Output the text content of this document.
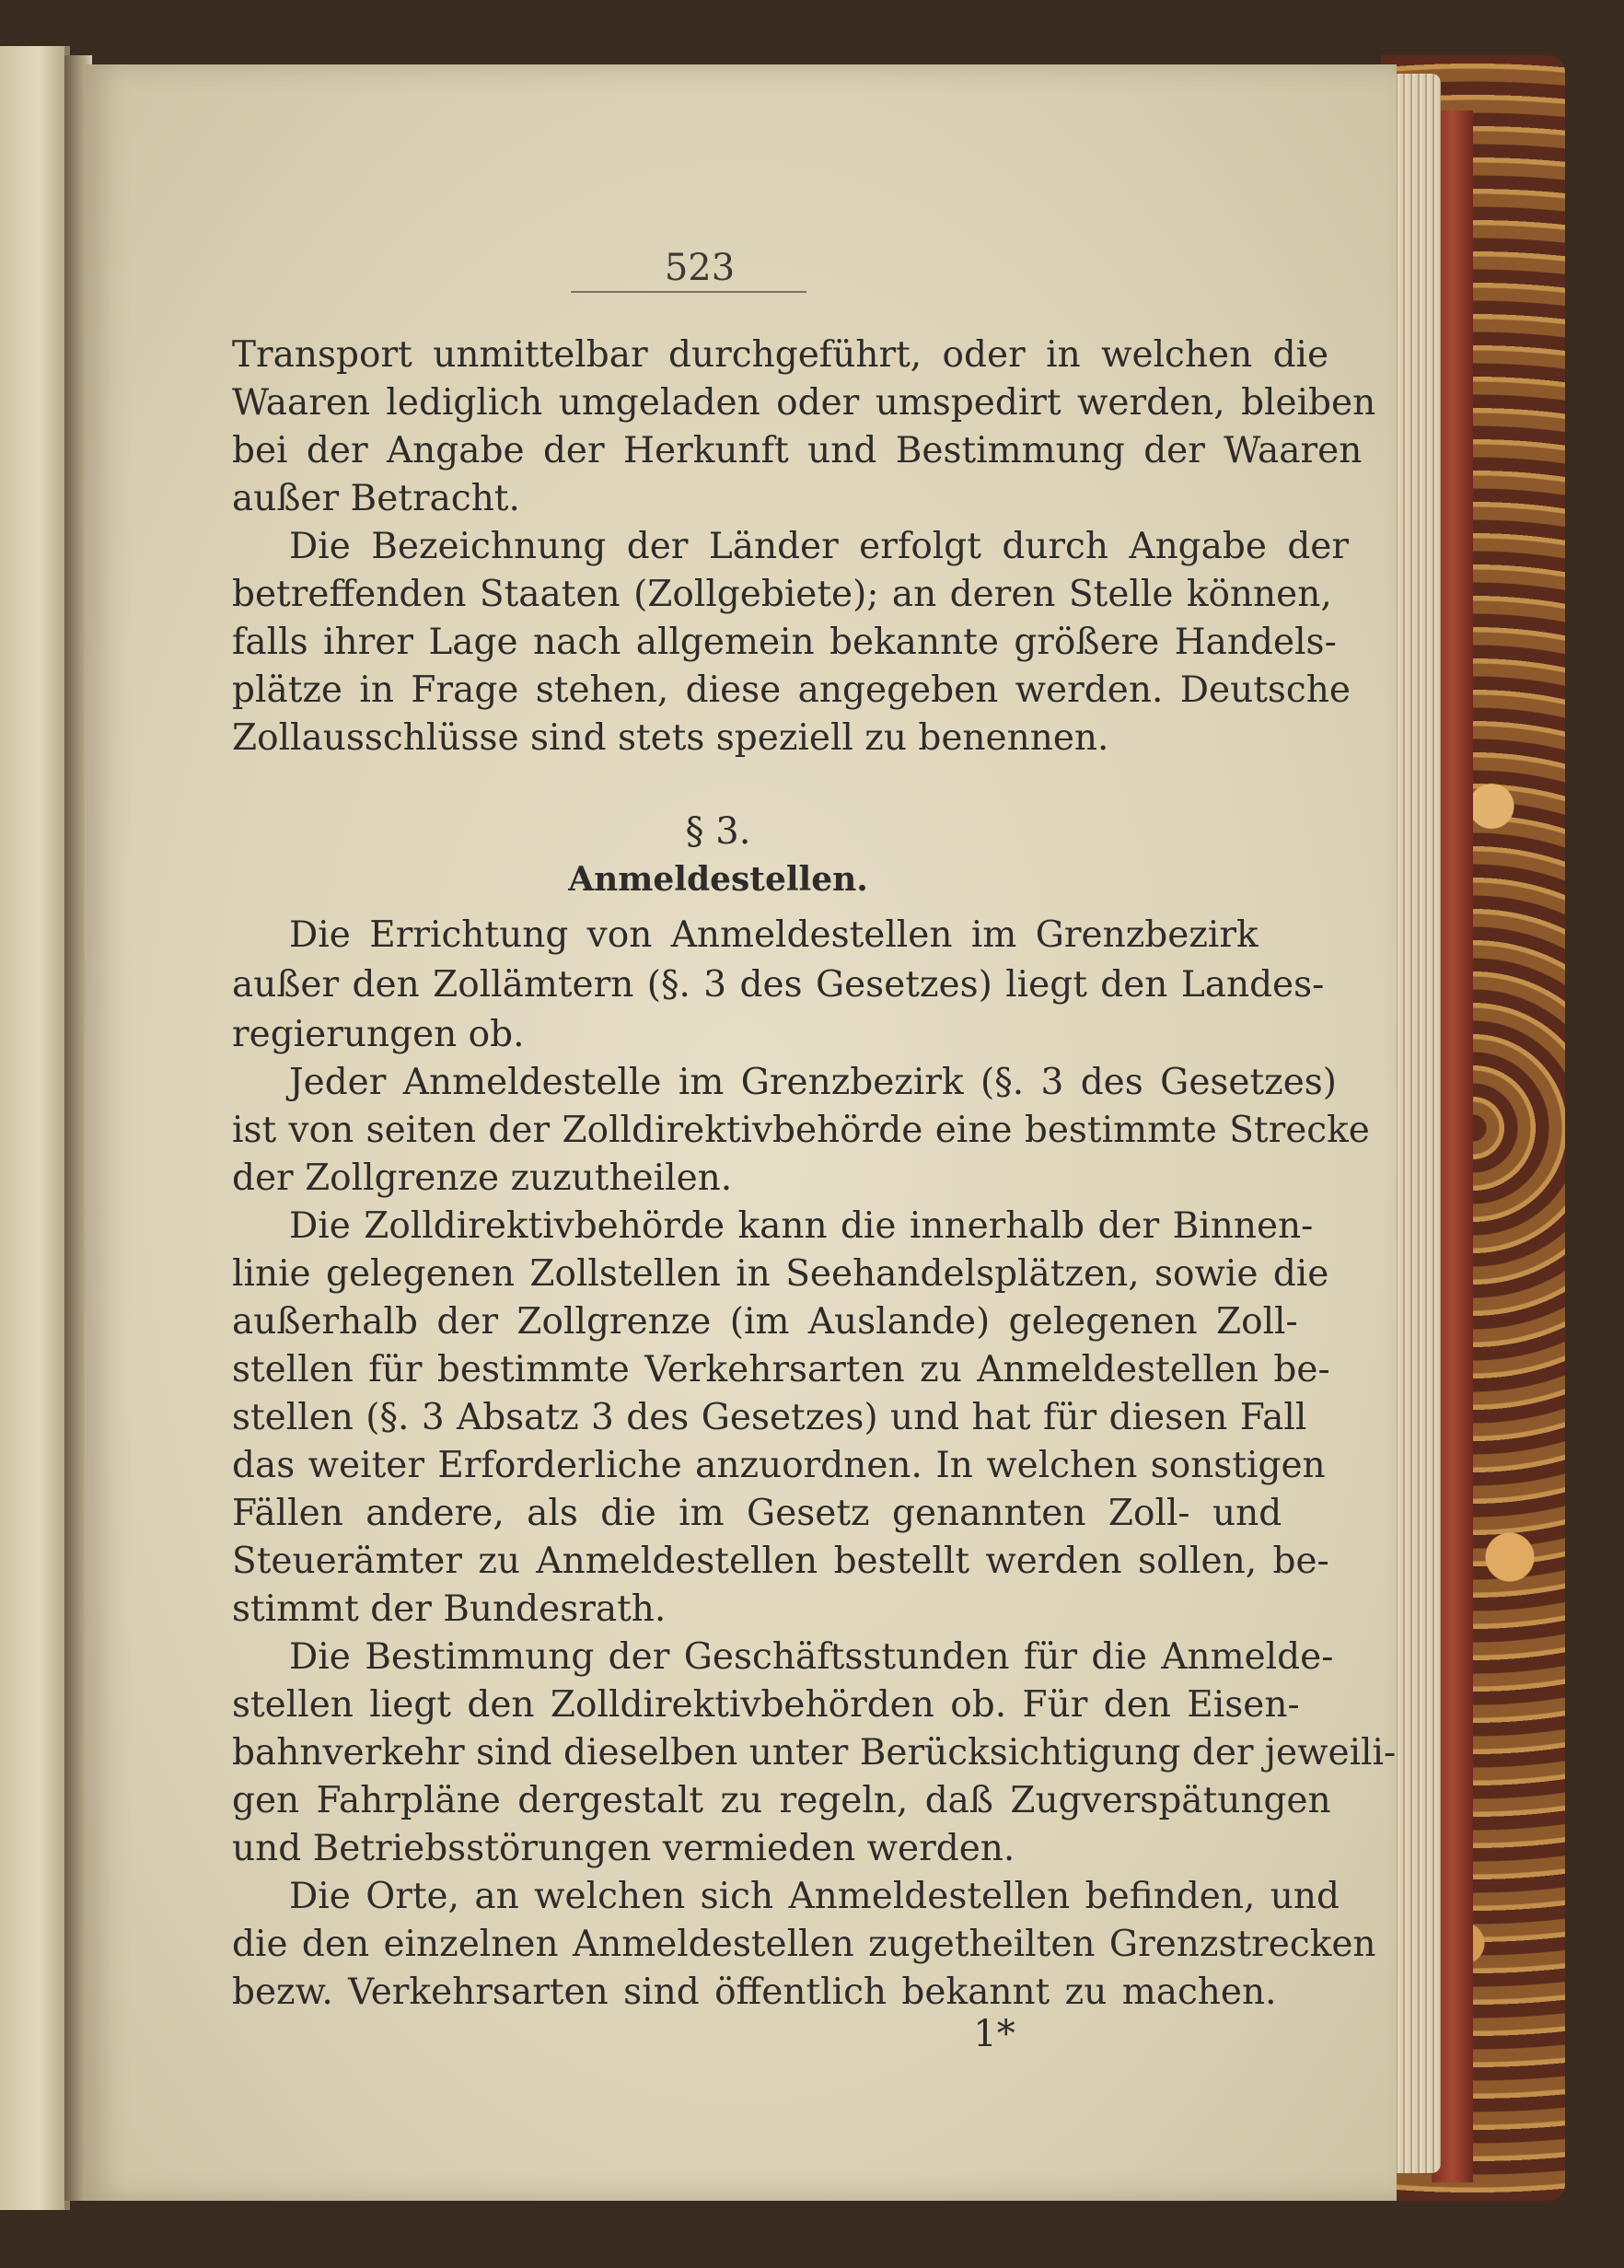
523
Transport unmittelbar durchgeführt, oder in welchen die
Waaren lediglich umgeladen oder umspedirt werden, bleiben
bei der Angabe der Herkunft und Bestimmung der Waaren
außer Betracht.
Die Bezeichnung der Länder erfolgt durch Angabe der
betreffenden Staaten (Zollgebiete); an deren Stelle können,
falls ihrer Lage nach allgemein bekannte größere Handels-
plätze in Frage stehen, diese angegeben werden. Deutsche
Zollausschlüsse sind stets speziell zu benennen.
§ 3.
Anmeldestellen.
Die Errichtung von Anmeldestellen im Grenzbezirk
außer den Zollämtern (§. 3 des Gesetzes) liegt den Landes-
regierungen ob.
Jeder Anmeldestelle im Grenzbezirk (§. 3 des Gesetzes)
ist von seiten der Zolldirektivbehörde eine bestimmte Strecke
der Zollgrenze zuzutheilen.
Die Zolldirektivbehörde kann die innerhalb der Binnen-
linie gelegenen Zollstellen in Seehandelsplätzen, sowie die
außerhalb der Zollgrenze (im Auslande) gelegenen Zoll-
stellen für bestimmte Verkehrsarten zu Anmeldestellen be-
stellen (§. 3 Absatz 3 des Gesetzes) und hat für diesen Fall
das weiter Erforderliche anzuordnen. In welchen sonstigen
Fällen andere, als die im Gesetz genannten Zoll- und
Steuerämter zu Anmeldestellen bestellt werden sollen, be-
stimmt der Bundesrath.
Die Bestimmung der Geschäftsstunden für die Anmelde-
stellen liegt den Zolldirektivbehörden ob. Für den Eisen-
bahnverkehr sind dieselben unter Berücksichtigung der jeweili-
gen Fahrpläne dergestalt zu regeln, daß Zugverspätungen
und Betriebsstörungen vermieden werden.
Die Orte, an welchen sich Anmeldestellen befinden, und
die den einzelnen Anmeldestellen zugetheilten Grenzstrecken
bezw. Verkehrsarten sind öffentlich bekannt zu machen.
1*
